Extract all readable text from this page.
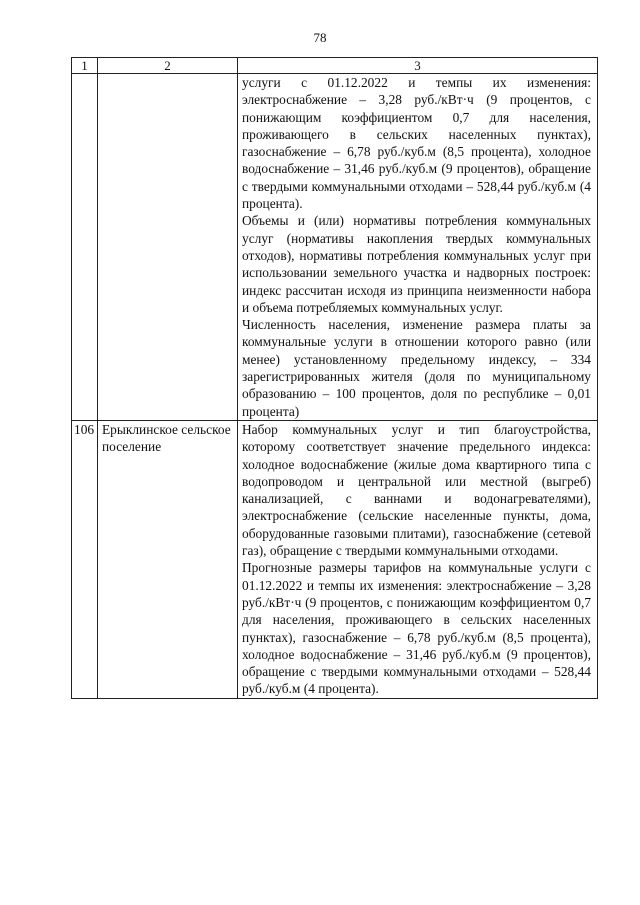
78
1	2	3

		услуги с 01.12.2022 и темпы их изменения: электроснабжение – 3,28 руб./кВт·ч (9 процентов, с понижающим коэффициентом 0,7 для населения, проживающего в сельских населенных пунктах), газоснабжение – 6,78 руб./куб.м (8,5 процента), холодное водоснабжение – 31,46 руб./куб.м (9 процентов), обращение с твердыми коммунальными отходами – 528,44 руб./куб.м (4 процента).

Объемы и (или) нормативы потребления коммунальных услуг (нормативы накопления твердых коммунальных отходов), нормативы потребления коммунальных услуг при использовании земельного участка и надворных построек: индекс рассчитан исходя из принципа неизменности набора и объема потребляемых коммунальных услуг.

Численность населения, изменение размера платы за коммунальные услуги в отношении которого равно (или менее) установленному предельному индексу, – 334 зарегистрированных жителя (доля по муниципальному образованию – 100 процентов, доля по республике – 0,01 процента)

106	Ерыклинское сельское поселение	Набор коммунальных услуг и тип благоустройства, которому соответствует значение предельного индекса: холодное водоснабжение (жилые дома квартирного типа с водопроводом и центральной или местной (выгреб) канализацией, с ваннами и водонагревателями), электроснабжение (сельские населенные пункты, дома, оборудованные газовыми плитами), газоснабжение (сетевой газ), обращение с твердыми коммунальными отходами.

Прогнозные размеры тарифов на коммунальные услуги с 01.12.2022 и темпы их изменения: электроснабжение – 3,28 руб./кВт·ч (9 процентов, с понижающим коэффициентом 0,7 для населения, проживающего в сельских населенных пунктах), газоснабжение – 6,78 руб./куб.м (8,5 процента), холодное водоснабжение – 31,46 руб./куб.м (9 процентов), обращение с твердыми коммунальными отходами – 528,44 руб./куб.м (4 процента).
